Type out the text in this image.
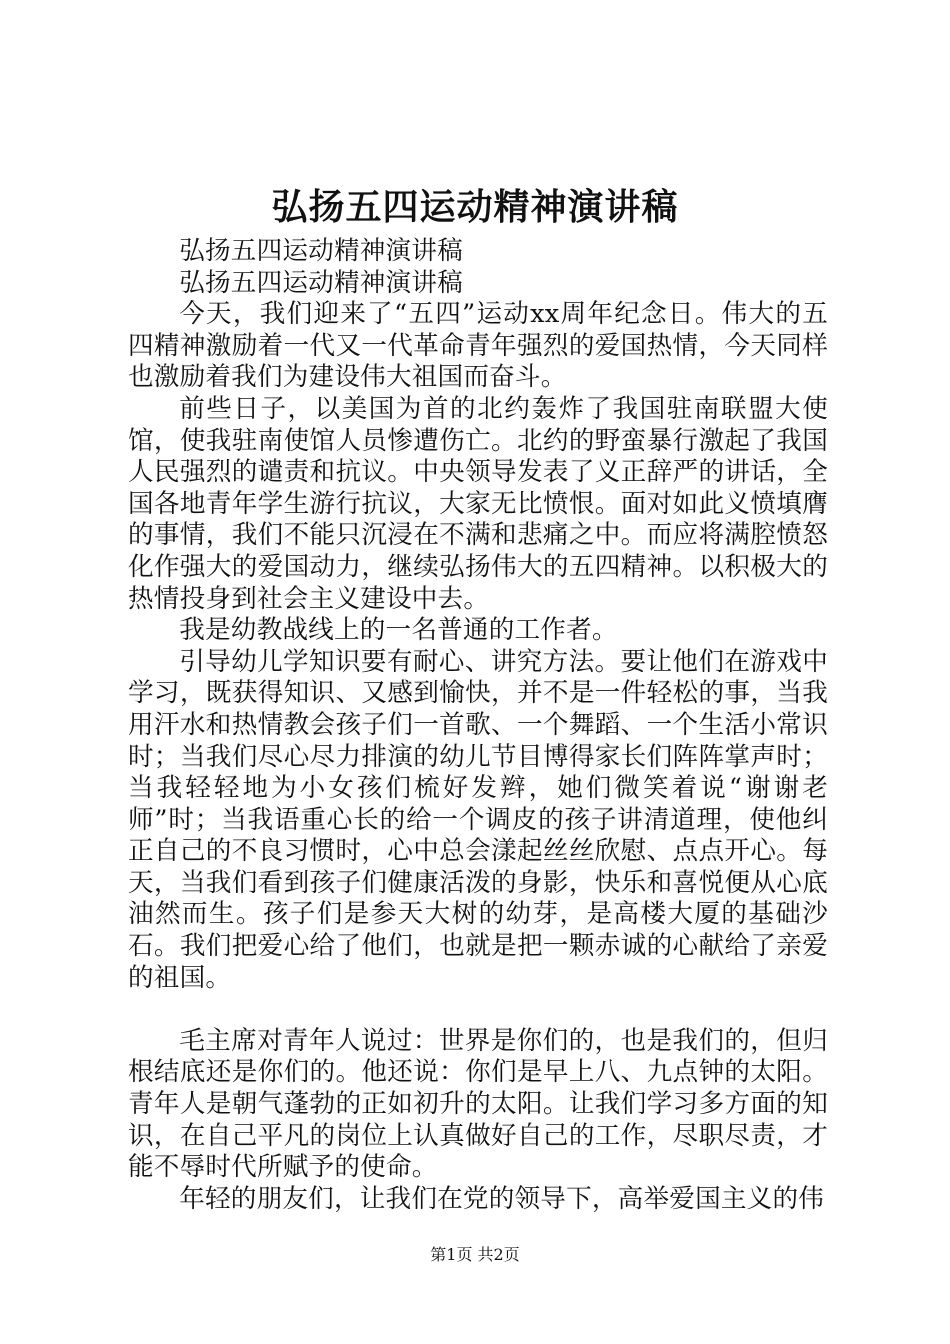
弘扬五四运动精神演讲稿

弘扬五四运动精神演讲稿

弘扬五四运动精神演讲稿

今天，我们迎来了“五四”运动xx周年纪念日。伟大的五四精神激励着一代又一代革命青年强烈的爱国热情，今天同样也激励着我们为建设伟大祖国而奋斗。

前些日子，以美国为首的北约轰炸了我国驻南联盟大使馆，使我驻南使馆人员惨遭伤亡。北约的野蛮暴行激起了我国人民强烈的谴责和抗议。中央领导发表了义正辞严的讲话，全国各地青年学生游行抗议，大家无比愤恨。面对如此义愤填膺的事情，我们不能只沉浸在不满和悲痛之中。而应将满腔愤怒化作强大的爱国动力，继续弘扬伟大的五四精神。以积极大的热情投身到社会主义建设中去。

我是幼教战线上的一名普通的工作者。

引导幼儿学知识要有耐心、讲究方法。要让他们在游戏中学习，既获得知识、又感到愉快，并不是一件轻松的事，当我用汗水和热情教会孩子们一首歌、一个舞蹈、一个生活小常识时；当我们尽心尽力排演的幼儿节目博得家长们阵阵掌声时；当我轻轻地为小女孩们梳好发辫，她们微笑着说“谢谢老师”时；当我语重心长的给一个调皮的孩子讲清道理，使他纠正自己的不良习惯时，心中总会漾起丝丝欣慰、点点开心。每天，当我们看到孩子们健康活泼的身影，快乐和喜悦便从心底油然而生。孩子们是参天大树的幼芽，是高楼大厦的基础沙石。我们把爱心给了他们，也就是把一颗赤诚的心献给了亲爱的祖国。

毛主席对青年人说过：世界是你们的，也是我们的，但归根结底还是你们的。他还说：你们是早上八、九点钟的太阳。青年人是朝气蓬勃的正如初升的太阳。让我们学习多方面的知识，在自己平凡的岗位上认真做好自己的工作，尽职尽责，才能不辱时代所赋予的使命。

年轻的朋友们，让我们在党的领导下，高举爱国主义的伟

第1页 共2页
